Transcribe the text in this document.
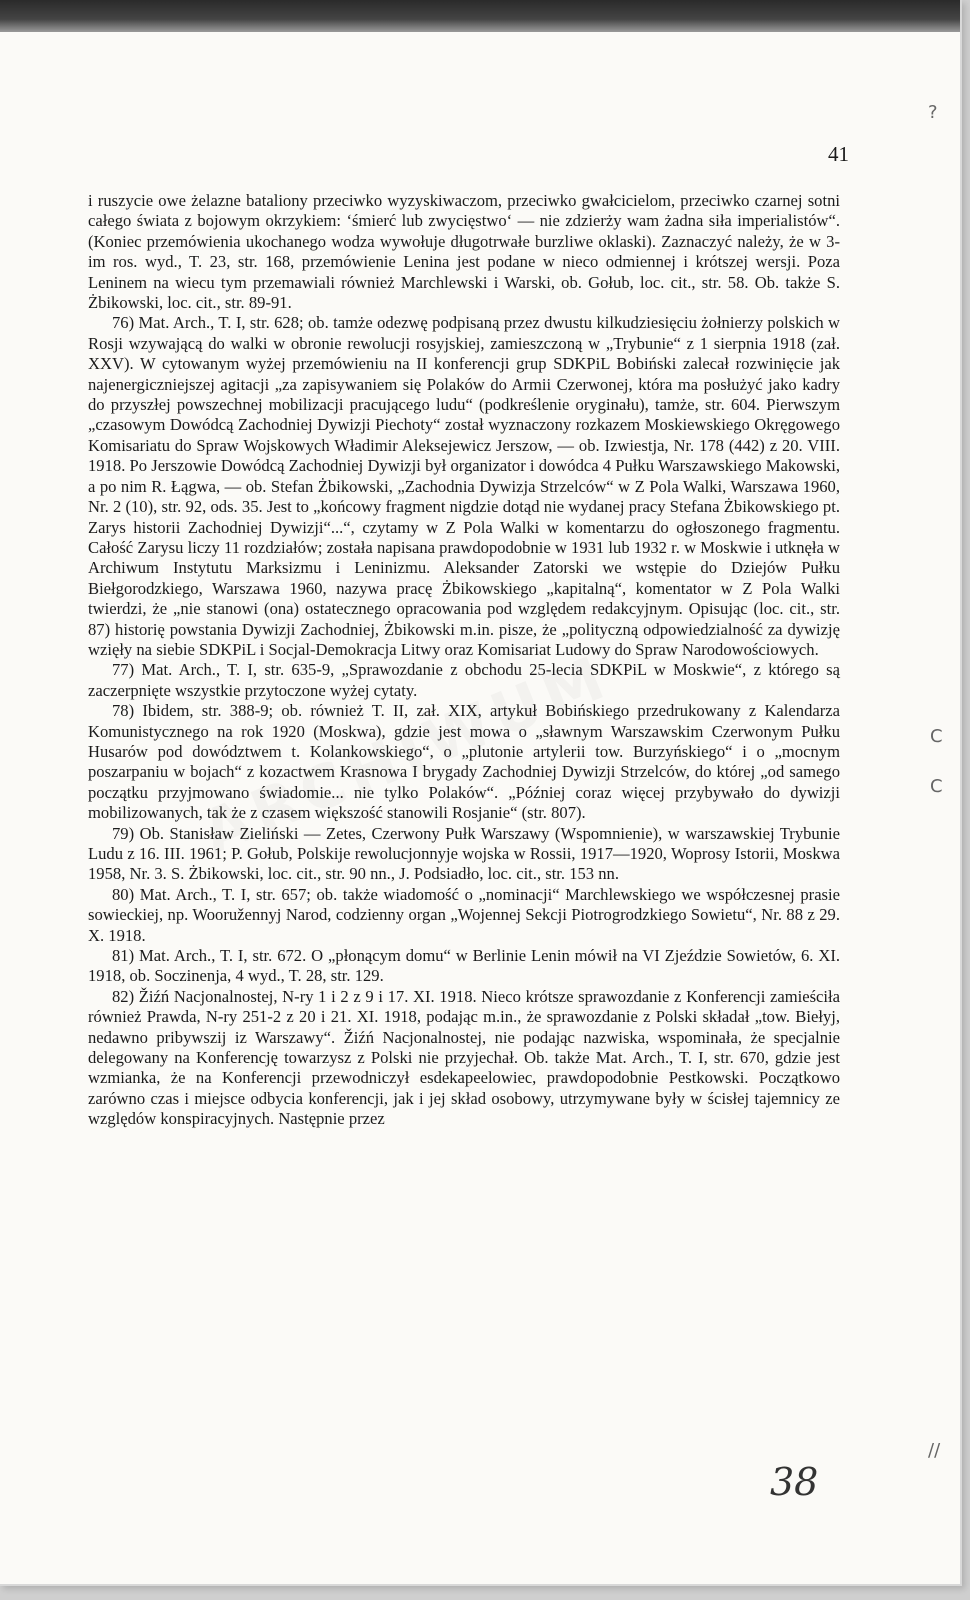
41

i ruszycie owe żelazne bataliony przeciwko wyzyskiwaczom, przeciwko gwałcicielom, przeciwko czarnej sotni całego świata z bojowym okrzykiem: ‘śmierć lub zwycięstwo‘ — nie zdzierży wam żadna siła imperialistów“. (Koniec przemówienia ukochanego wodza wywołuje długotrwałe burzliwe oklaski). Zaznaczyć należy, że w 3-im ros. wyd., T. 23, str. 168, przemówienie Lenina jest podane w nieco odmiennej i krótszej wersji. Poza Leninem na wiecu tym przemawiali również Marchlewski i Warski, ob. Gołub, loc. cit., str. 58. Ob. także S. Żbikowski, loc. cit., str. 89-91.

76) Mat. Arch., T. I, str. 628; ob. tamże odezwę podpisaną przez dwustu kilkudziesięciu żołnierzy polskich w Rosji wzywającą do walki w obronie rewolucji rosyjskiej, zamieszczoną w „Trybunie“ z 1 sierpnia 1918 (zał. XXV). W cytowanym wyżej przemówieniu na II konferencji grup SDKPiL Bobiński zalecał rozwinięcie jak najenergiczniejszej agitacji „za zapisywaniem się Polaków do Armii Czerwonej, która ma posłużyć jako kadry do przyszłej powszechnej mobilizacji pracującego ludu“ (podkreślenie oryginału), tamże, str. 604. Pierwszym „czasowym Dowódcą Zachodniej Dywizji Piechoty“ został wyznaczony rozkazem Moskiewskiego Okręgowego Komisariatu do Spraw Wojskowych Władimir Aleksejewicz Jerszow, — ob. Izwiestja, Nr. 178 (442) z 20. VIII. 1918. Po Jerszowie Dowódcą Zachodniej Dywizji był organizator i dowódca 4 Pułku Warszawskiego Makowski, a po nim R. Łągwa, — ob. Stefan Żbikowski, „Zachodnia Dywizja Strzelców“ w Z Pola Walki, Warszawa 1960, Nr. 2 (10), str. 92, ods. 35. Jest to „końcowy fragment nigdzie dotąd nie wydanej pracy Stefana Żbikowskiego pt. Zarys historii Zachodniej Dywizji“...“, czytamy w Z Pola Walki w komentarzu do ogłoszonego fragmentu. Całość Zarysu liczy 11 rozdziałów; została napisana prawdopodobnie w 1931 lub 1932 r. w Moskwie i utknęła w Archiwum Instytutu Marksizmu i Leninizmu. Aleksander Zatorski we wstępie do Dziejów Pułku Biełgorodzkiego, Warszawa 1960, nazywa pracę Żbikowskiego „kapitalną“, komentator w Z Pola Walki twierdzi, że „nie stanowi (ona) ostatecznego opracowania pod względem redakcyjnym. Opisując (loc. cit., str. 87) historię powstania Dywizji Zachodniej, Żbikowski m.in. pisze, że „polityczną odpowiedzialność za dywizję wzięły na siebie SDKPiL i Socjal-Demokracja Litwy oraz Komisariat Ludowy do Spraw Narodowościowych.

77) Mat. Arch., T. I, str. 635-9, „Sprawozdanie z obchodu 25-lecia SDKPiL w Moskwie“, z którego są zaczerpnięte wszystkie przytoczone wyżej cytaty.

78) Ibidem, str. 388-9; ob. również T. II, zał. XIX, artykuł Bobińskiego przedrukowany z Kalendarza Komunistycznego na rok 1920 (Moskwa), gdzie jest mowa o „sławnym Warszawskim Czerwonym Pułku Husarów pod dowództwem t. Kolankowskiego“, o „plutonie artylerii tow. Burzyńskiego“ i o „mocnym poszarpaniu w bojach“ z kozactwem Krasnowa I brygady Zachodniej Dywizji Strzelców, do której „od samego początku przyjmowano świadomie... nie tylko Polaków“. „Później coraz więcej przybywało do dywizji mobilizowanych, tak że z czasem większość stanowili Rosjanie“ (str. 807).

79) Ob. Stanisław Zieliński — Zetes, Czerwony Pułk Warszawy (Wspomnienie), w warszawskiej Trybunie Ludu z 16. III. 1961; P. Gołub, Polskije rewolucjonnyje wojska w Rossii, 1917—1920, Woprosy Istorii, Moskwa 1958, Nr. 3. S. Żbikowski, loc. cit., str. 90 nn., J. Podsiadło, loc. cit., str. 153 nn.

80) Mat. Arch., T. I, str. 657; ob. także wiadomość o „nominacji“ Marchlewskiego we współczesnej prasie sowieckiej, np. Wooružennyj Narod, codzienny organ „Wojennej Sekcji Piotrogrodzkiego Sowietu“, Nr. 88 z 29. X. 1918.

81) Mat. Arch., T. I, str. 672. O „płonącym domu“ w Berlinie Lenin mówił na VI Zjeździe Sowietów, 6. XI. 1918, ob. Soczinenja, 4 wyd., T. 28, str. 129.

82) Žiźń Nacjonalnostej, N-ry 1 i 2 z 9 i 17. XI. 1918. Nieco krótsze sprawozdanie z Konferencji zamieściła również Prawda, N-ry 251-2 z 20 i 21. XI. 1918, podając m.in., że sprawozdanie z Polski składał „tow. Biełyj, nedawno pribywszij iz Warszawy“. Žiźń Nacjonalnostej, nie podając nazwiska, wspominała, że specjalnie delegowany na Konferencję towarzysz z Polski nie przyjechał. Ob. także Mat. Arch., T. I, str. 670, gdzie jest wzmianka, że na Konferencji przewodniczył esdekapeelowiec, prawdopodobnie Pestkowski. Początkowo zarówno czas i miejsce odbycia konferencji, jak i jej skład osobowy, utrzymywane były w ścisłej tajemnicy ze względów konspiracyjnych. Następnie przez

?
C
C
//
38
